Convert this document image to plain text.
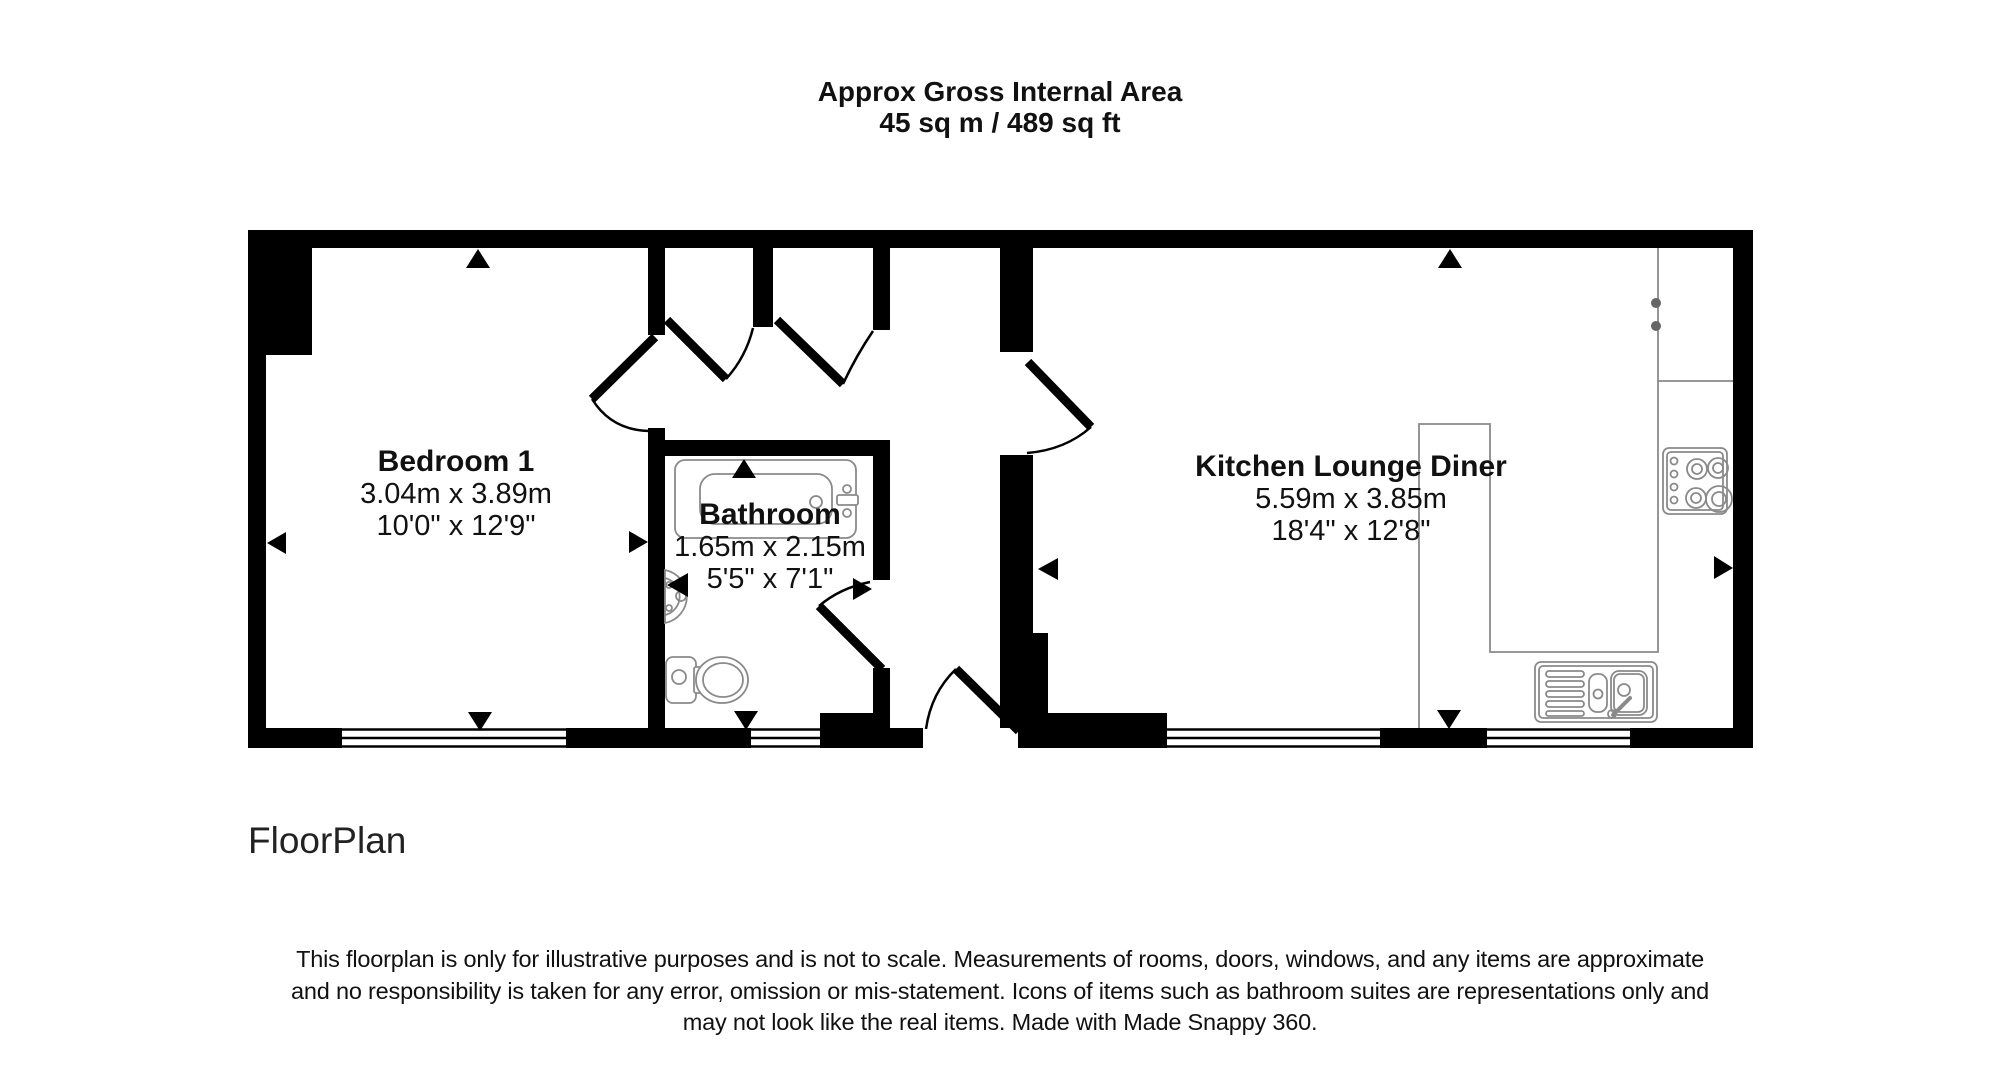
Approx Gross Internal Area
45 sq m / 489 sq ft
Bedroom 1
3.04m x 3.89m
10'0" x 12'9"	Bathroom
1.65m x 2.15m
5'5" x 7'1"
Kitchen Lounge Diner
5.59m x 3.85m
18'4" x 12'8"
FloorPlan
This floorplan is only for illustrative purposes and is not to scale. Measurements of rooms, doors, windows, and any items are approximate
and no responsibility is taken for any error, omission or mis-statement. Icons of items such as bathroom suites are representations only and
may not look like the real items. Made with Made Snappy 360.
